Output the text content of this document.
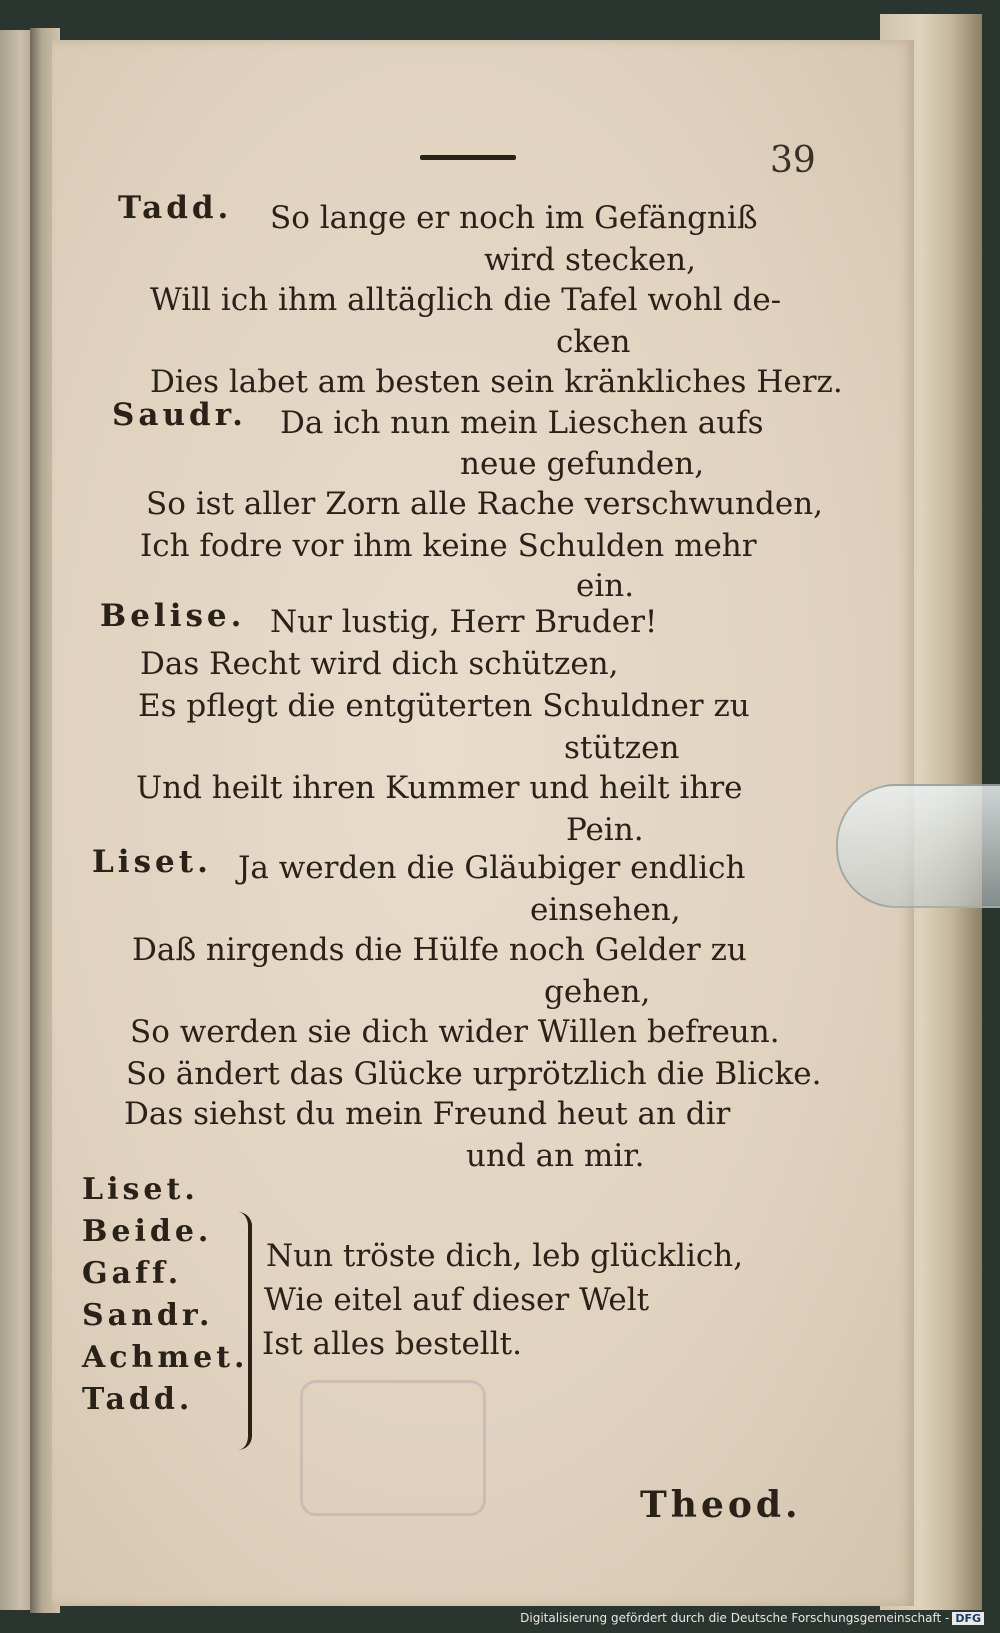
39
Tadd. So lange er noch im Gefängniß
wird stecken,
Will ich ihm alltäglich die Tafel wohl de-
cken
Dies labet am besten sein kränkliches Herz.
Saudr. Da ich nun mein Lieschen aufs
neue gefunden,
So ist aller Zorn alle Rache verschwunden,
Ich fodre vor ihm keine Schulden mehr
ein.
Belise. Nur lustig, Herr Bruder!
Das Recht wird dich schützen,
Es pflegt die entgüterten Schuldner zu
stützen
Und heilt ihren Kummer und heilt ihre
Pein.
Liset. Ja werden die Gläubiger endlich
einsehen,
Daß nirgends die Hülfe noch Gelder zu
gehen,
So werden sie dich wider Willen befreun.
So ändert das Glücke urprötzlich die Blicke.
Das siehst du mein Freund heut an dir
und an mir.
Liset.
Beide.
Gaff.
Sandr.
Achmet.
Tadd.
Nun tröste dich, leb glücklich,
Wie eitel auf dieser Welt
Ist alles bestellt.
Theod.
Digitalisierung gefördert durch die Deutsche Forschungsgemeinschaft - DFG
